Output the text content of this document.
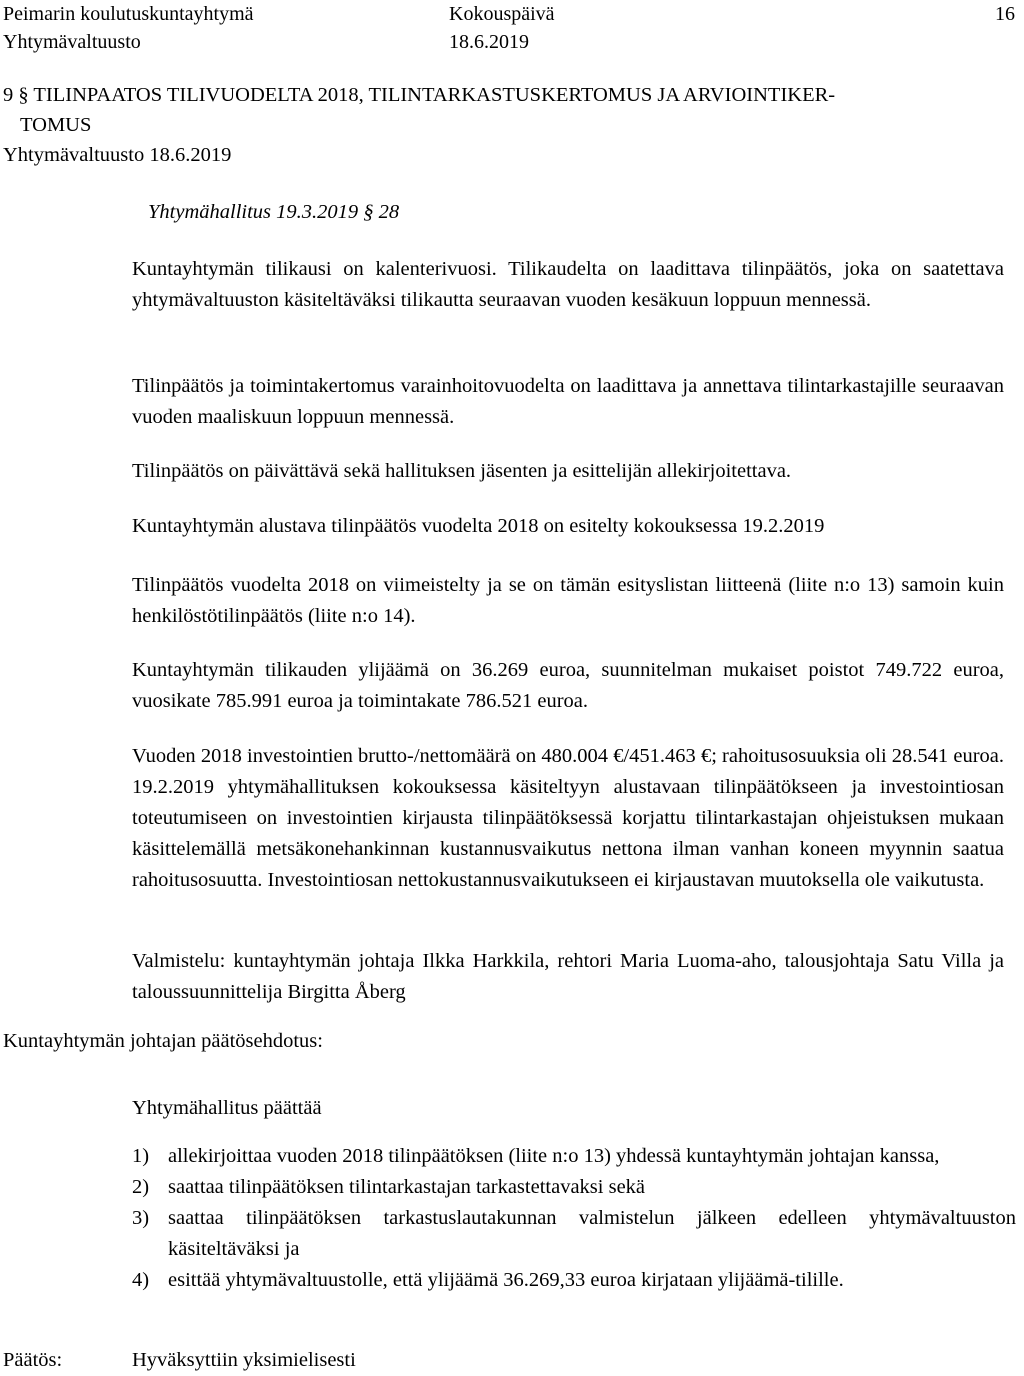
Peimarin koulutuskuntayhtymä
Yhtymävaltuusto
Kokouspäivä
18.6.2019
16
9 § TILINPAATOS TILIVUODELTA 2018, TILINTARKASTUSKERTOMUS JA ARVIOINTIKER-
TOMUS
Yhtymävaltuusto 18.6.2019
Yhtymähallitus 19.3.2019 § 28
Kuntayhtymän tilikausi on kalenterivuosi. Tilikaudelta on laadittava tilinpäätös, joka on saatettava yhtymävaltuuston käsiteltäväksi tilikautta seuraavan vuoden kesäkuun loppuun mennessä.
Tilinpäätös ja toimintakertomus varainhoitovuodelta on laadittava ja annettava tilintarkastajille seuraavan vuoden maaliskuun loppuun mennessä.
Tilinpäätös on päivättävä sekä hallituksen jäsenten ja esittelijän allekirjoitettava.
Kuntayhtymän alustava tilinpäätös vuodelta 2018 on esitelty kokouksessa 19.2.2019
Tilinpäätös vuodelta 2018 on viimeistelty ja se on tämän esityslistan liitteenä (liite n:o 13) samoin kuin henkilöstötilinpäätös (liite n:o 14).
Kuntayhtymän tilikauden ylijäämä on 36.269 euroa, suunnitelman mukaiset poistot 749.722 euroa, vuosikate 785.991 euroa ja toimintakate 786.521 euroa.
Vuoden 2018 investointien brutto-/nettomäärä on 480.004 €/451.463 €; rahoitusosuuksia oli 28.541 euroa. 19.2.2019 yhtymähallituksen kokouksessa käsiteltyyn alustavaan tilinpäätökseen ja investointiosan toteutumiseen on investointien kirjausta tilinpäätöksessä korjattu tilintarkastajan ohjeistuksen mukaan käsittelemällä metsäkonehankinnan kustannusvaikutus nettona ilman vanhan koneen myynnin saatua rahoitusosuutta. Investointiosan nettokustannusvaikutukseen ei kirjaustavan muutoksella ole vaikutusta.
Valmistelu: kuntayhtymän johtaja Ilkka Harkkila, rehtori Maria Luoma-aho, talousjohtaja Satu Villa ja taloussuunnittelija Birgitta Åberg
Kuntayhtymän johtajan päätösehdotus:
Yhtymähallitus päättää
1) allekirjoittaa vuoden 2018 tilinpäätöksen (liite n:o 13) yhdessä kuntayhtymän johtajan kanssa,
2) saattaa tilinpäätöksen tilintarkastajan tarkastettavaksi sekä
3) saattaa tilinpäätöksen tarkastuslautakunnan valmistelun jälkeen edelleen yhtymävaltuuston käsiteltäväksi ja
4) esittää yhtymävaltuustolle, että ylijäämä 36.269,33 euroa kirjataan ylijäämä-tilille.
Päätös:	Hyväksyttiin yksimielisesti
